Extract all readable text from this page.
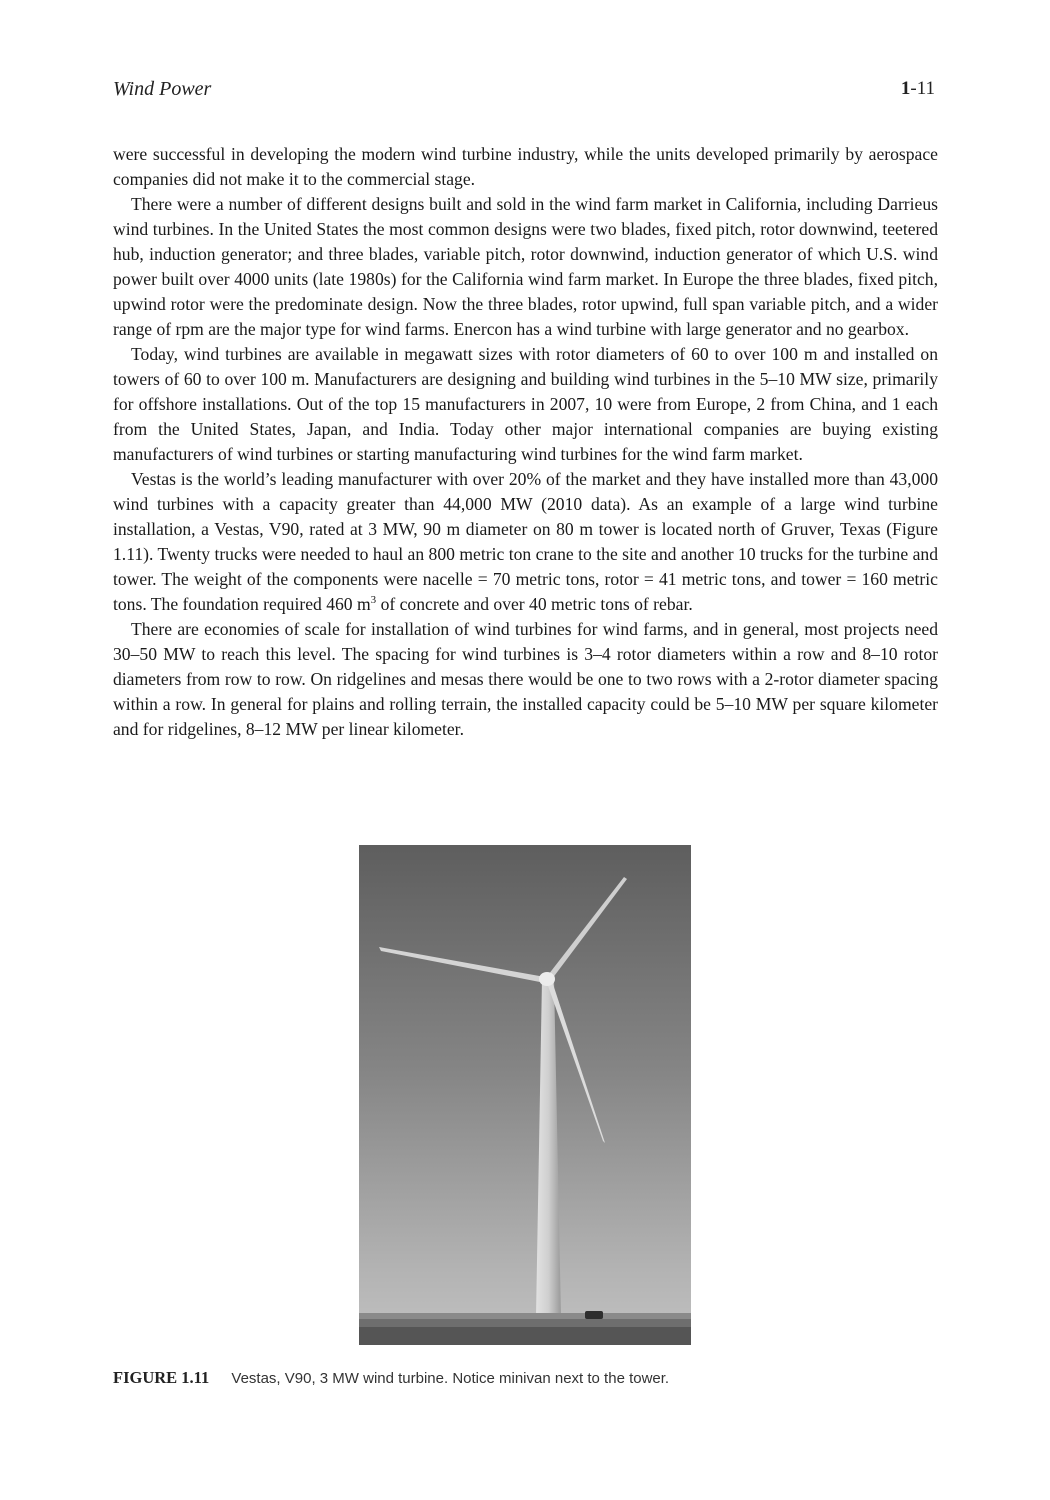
Wind Power	1-11

were successful in developing the modern wind turbine industry, while the units developed primarily by aerospace companies did not make it to the commercial stage.

There were a number of different designs built and sold in the wind farm market in California, including Darrieus wind turbines. In the United States the most common designs were two blades, fixed pitch, rotor downwind, teetered hub, induction generator; and three blades, variable pitch, rotor downwind, induction generator of which U.S. wind power built over 4000 units (late 1980s) for the California wind farm market. In Europe the three blades, fixed pitch, upwind rotor were the predominate design. Now the three blades, rotor upwind, full span variable pitch, and a wider range of rpm are the major type for wind farms. Enercon has a wind turbine with large generator and no gearbox.

Today, wind turbines are available in megawatt sizes with rotor diameters of 60 to over 100 m and installed on towers of 60 to over 100 m. Manufacturers are designing and building wind turbines in the 5–10 MW size, primarily for offshore installations. Out of the top 15 manufacturers in 2007, 10 were from Europe, 2 from China, and 1 each from the United States, Japan, and India. Today other major international companies are buying existing manufacturers of wind turbines or starting manufacturing wind turbines for the wind farm market.

Vestas is the world’s leading manufacturer with over 20% of the market and they have installed more than 43,000 wind turbines with a capacity greater than 44,000 MW (2010 data). As an example of a large wind turbine installation, a Vestas, V90, rated at 3 MW, 90 m diameter on 80 m tower is located north of Gruver, Texas (Figure 1.11). Twenty trucks were needed to haul an 800 metric ton crane to the site and another 10 trucks for the turbine and tower. The weight of the components were nacelle = 70 metric tons, rotor = 41 metric tons, and tower = 160 metric tons. The foundation required 460 $m^3$ of concrete and over 40 metric tons of rebar.

There are economies of scale for installation of wind turbines for wind farms, and in general, most projects need 30–50 MW to reach this level. The spacing for wind turbines is 3–4 rotor diameters within a row and 8–10 rotor diameters from row to row. On ridgelines and mesas there would be one to two rows with a 2-rotor diameter spacing within a row. In general for plains and rolling terrain, the installed capacity could be 5–10 MW per square kilometer and for ridgelines, 8–12 MW per linear kilometer.

FIGURE 1.11 Vestas, V90, 3 MW wind turbine. Notice minivan next to the tower.
